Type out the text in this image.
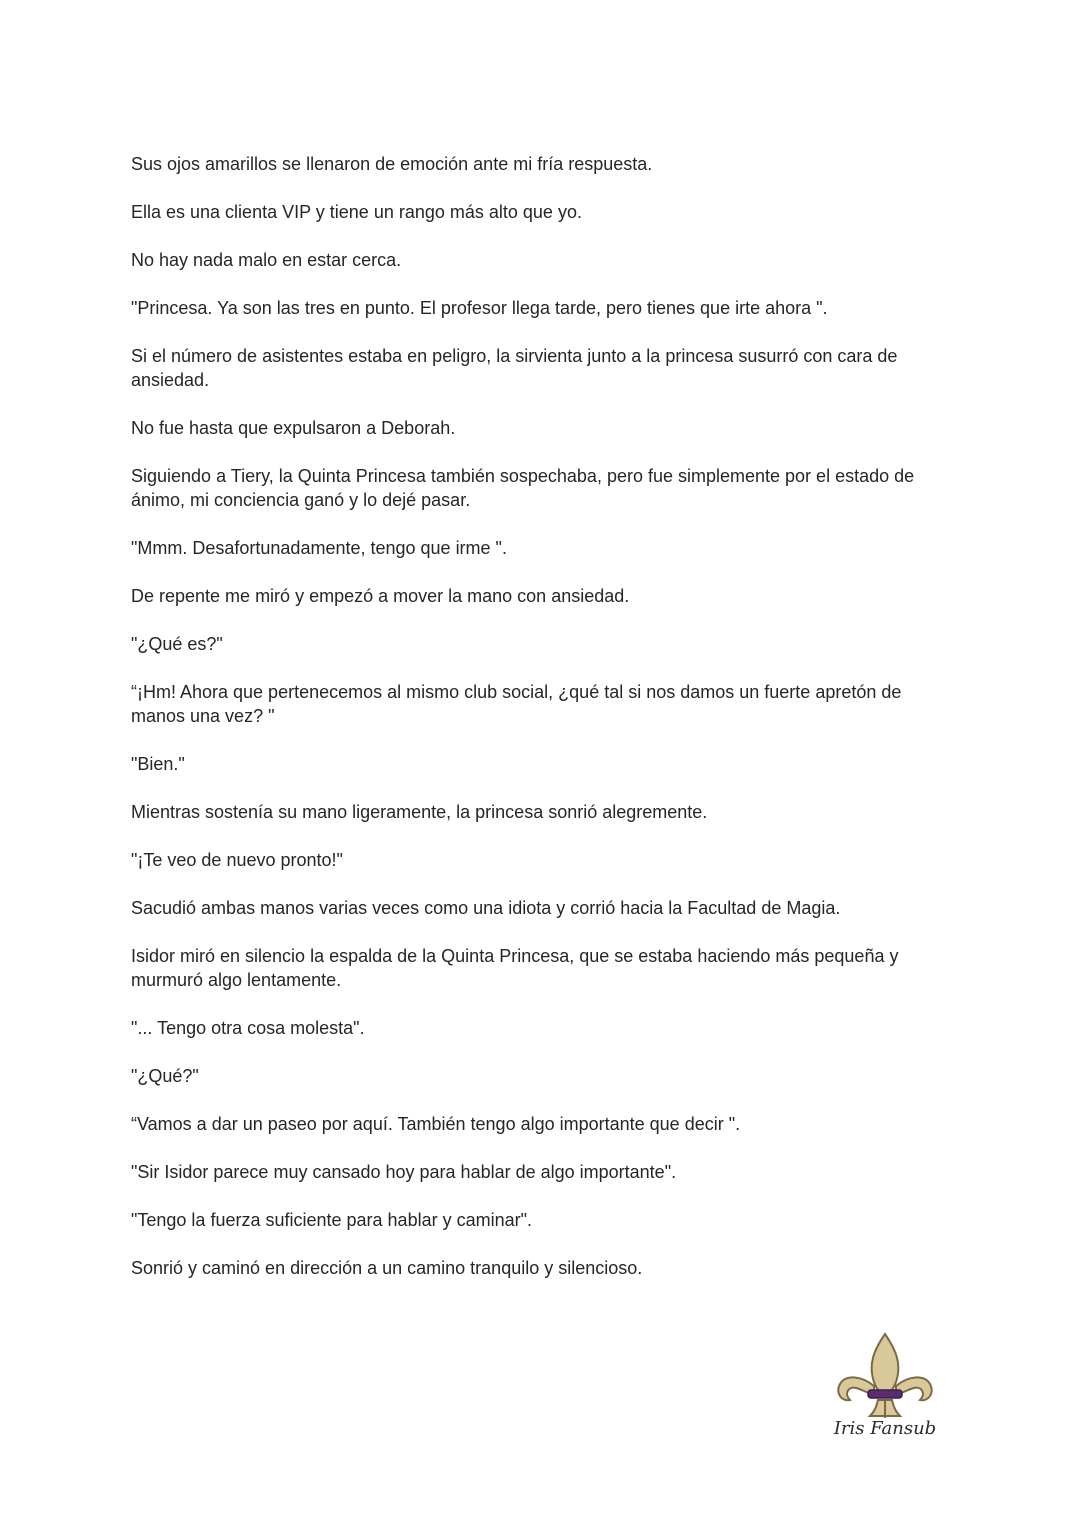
Sus ojos amarillos se llenaron de emoción ante mi fría respuesta.

Ella es una clienta VIP y tiene un rango más alto que yo.

No hay nada malo en estar cerca.

"Princesa. Ya son las tres en punto. El profesor llega tarde, pero tienes que irte ahora ".

Si el número de asistentes estaba en peligro, la sirvienta junto a la princesa susurró con cara de ansiedad.

No fue hasta que expulsaron a Deborah.

Siguiendo a Tiery, la Quinta Princesa también sospechaba, pero fue simplemente por el estado de ánimo, mi conciencia ganó y lo dejé pasar.

"Mmm. Desafortunadamente, tengo que irme ".

De repente me miró y empezó a mover la mano con ansiedad.

"¿Qué es?"

“¡Hm! Ahora que pertenecemos al mismo club social, ¿qué tal si nos damos un fuerte apretón de manos una vez? "

"Bien."

Mientras sostenía su mano ligeramente, la princesa sonrió alegremente.

"¡Te veo de nuevo pronto!"

Sacudió ambas manos varias veces como una idiota y corrió hacia la Facultad de Magia.

Isidor miró en silencio la espalda de la Quinta Princesa, que se estaba haciendo más pequeña y murmuró algo lentamente.

"... Tengo otra cosa molesta".

"¿Qué?"

“Vamos a dar un paseo por aquí. También tengo algo importante que decir ".

"Sir Isidor parece muy cansado hoy para hablar de algo importante".

"Tengo la fuerza suficiente para hablar y caminar".

Sonrió y caminó en dirección a un camino tranquilo y silencioso.

Iris Fansub
